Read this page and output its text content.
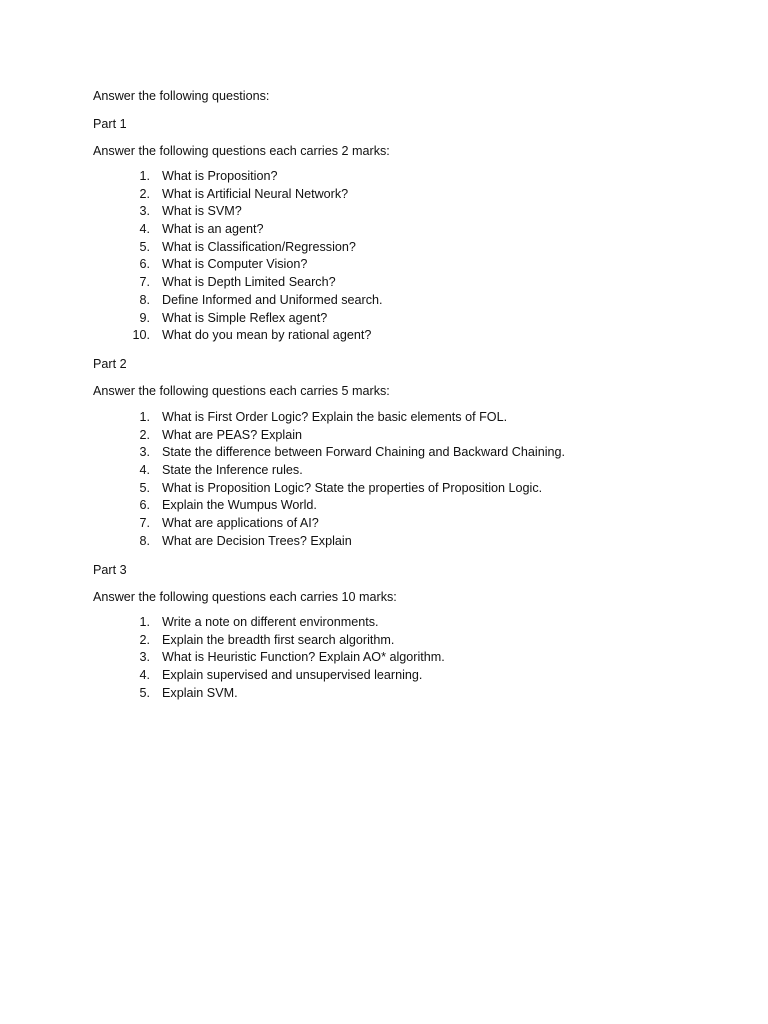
Answer the following questions:
Part 1
Answer the following questions each carries 2 marks:
1. What is Proposition?
2. What is Artificial Neural Network?
3. What is SVM?
4. What is an agent?
5. What is Classification/Regression?
6. What is Computer Vision?
7. What is Depth Limited Search?
8. Define Informed and Uniformed search.
9. What is Simple Reflex agent?
10. What do you mean by rational agent?
Part 2
Answer the following questions each carries 5 marks:
1. What is First Order Logic? Explain the basic elements of FOL.
2. What are PEAS? Explain
3. State the difference between Forward Chaining and Backward Chaining.
4. State the Inference rules.
5. What is Proposition Logic? State the properties of Proposition Logic.
6. Explain the Wumpus World.
7. What are applications of AI?
8. What are Decision Trees? Explain
Part 3
Answer the following questions each carries 10 marks:
1. Write a note on different environments.
2. Explain the breadth first search algorithm.
3. What is Heuristic Function? Explain AO* algorithm.
4. Explain supervised and unsupervised learning.
5. Explain SVM.
